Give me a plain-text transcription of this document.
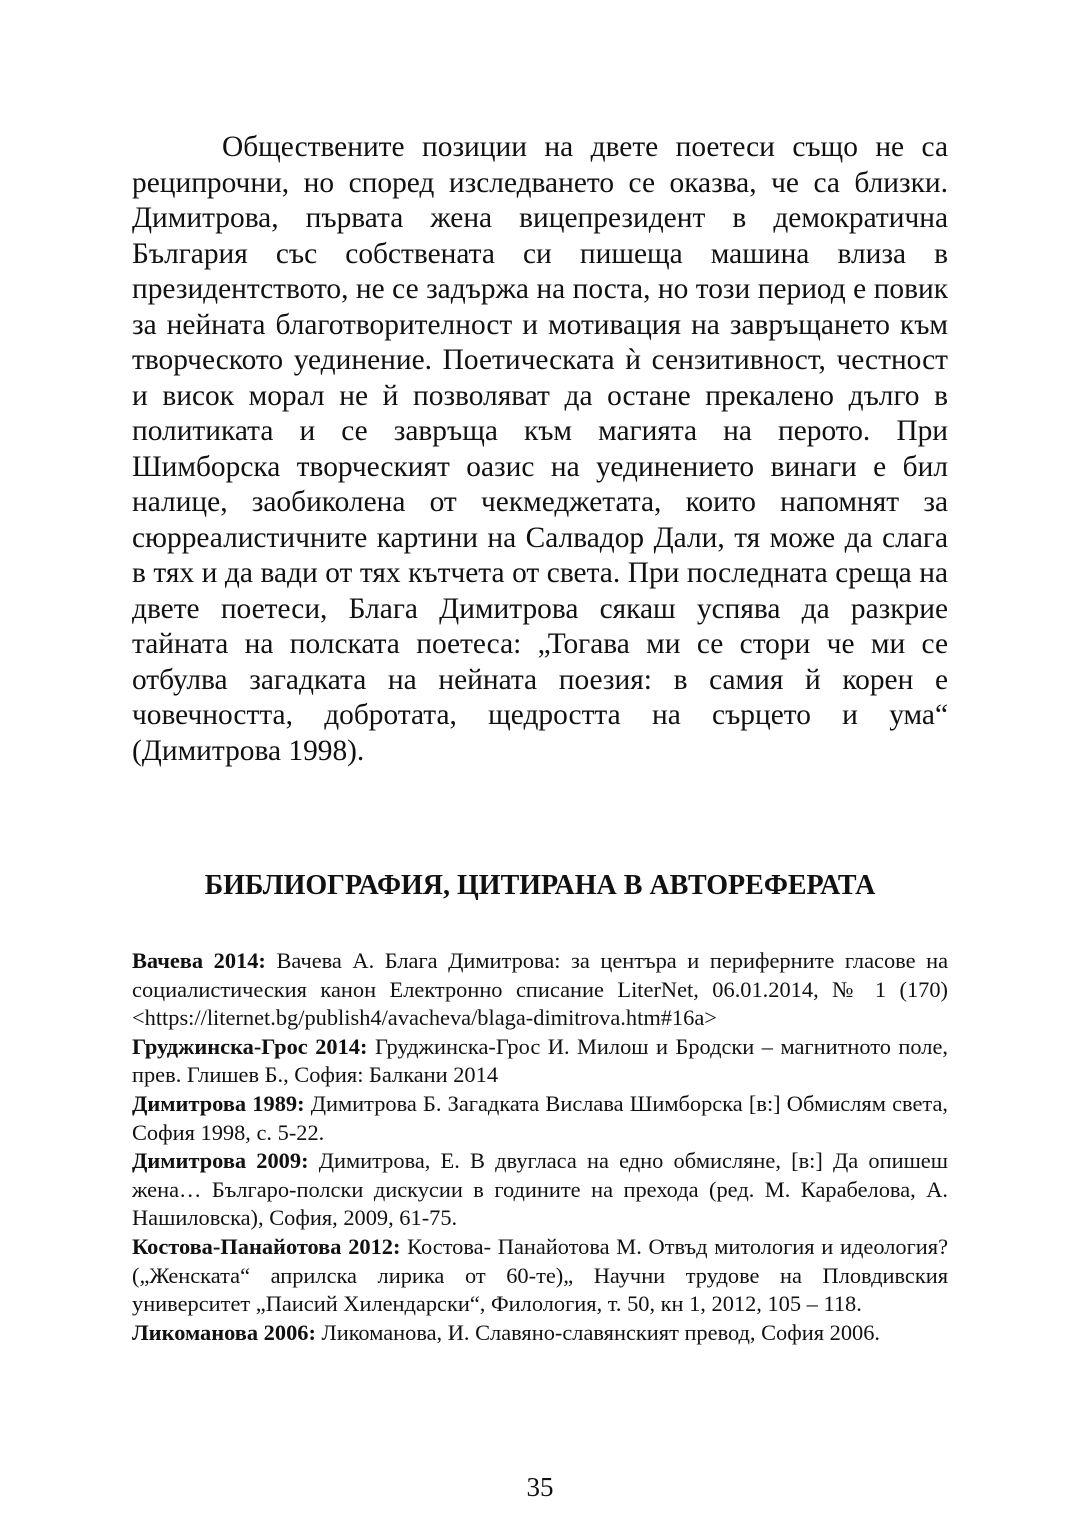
Обществените позиции на двете поетеси също не са реципрочни, но според изследването се оказва, че са близки. Димитрова, първата жена вицепрезидент в демократична България със собствената си пишеща машина влиза в президентството, не се задържа на поста, но този период е повик за нейната благотворителност и мотивация на завръщането към творческото уединение. Поетическата ѝ сензитивност, честност и висок морал не й позволяват да остане прекалено дълго в политиката и се завръща към магията на перото. При Шимборска творческият оазис на уединението винаги е бил налице, заобиколена от чекмеджетата, които напомнят за сюрреалистичните картини на Салвадор Дали, тя може да слага в тях и да вади от тях кътчета от света. При последната среща на двете поетеси, Блага Димитрова сякаш успява да разкрие тайната на полската поетеса: „Тогава ми се стори че ми се отбулва загадката на нейната поезия: в самия й корен е човечността, добротата, щедростта на сърцето и ума“ (Димитрова 1998).

БИБЛИОГРАФИЯ, ЦИТИРАНА В АВТОРЕФЕРАТА

Вачева 2014: Вачева А. Блага Димитрова: за центъра и периферните гласове на социалистическия канон Електронно списание LiterNet, 06.01.2014, № 1 (170) <https://liternet.bg/publish4/avacheva/blaga-dimitrova.htm#16a>

Груджинска-Грос 2014: Груджинска-Грос И. Милош и Бродски – магнитното поле, прев. Глишев Б., София: Балкани 2014

Димитрова 1989: Димитрова Б. Загадката Вислава Шимборска [в:] Обмислям света, София 1998, с. 5-22.

Димитрова 2009: Димитрова, Е. В двугласа на едно обмисляне, [в:] Да опишеш жена… Българо-полски дискусии в годините на прехода (ред. М. Карабелова, А. Нашиловска), София, 2009, 61-75.

Костова-Панайотова 2012: Костова- Панайотова М. Отвъд митология и идеология? („Женската“ априлска лирика от 60-те)„ Научни трудове на Пловдивския университет „Паисий Хилендарски“, Филология, т. 50, кн 1, 2012, 105 – 118.

Ликоманова 2006: Ликоманова, И. Славяно-славянският превод, София 2006.

35
